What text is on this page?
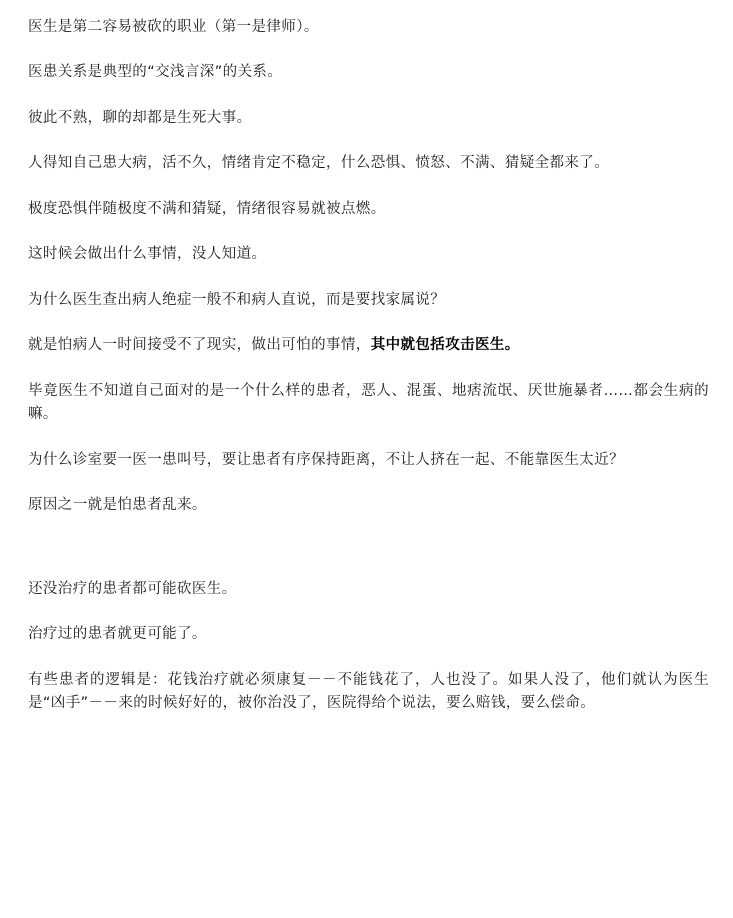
医生是第二容易被砍的职业（第一是律师）。

医患关系是典型的“交浅言深”的关系。

彼此不熟，聊的却都是生死大事。

人得知自己患大病，活不久，情绪肯定不稳定，什么恐惧、愤怒、不满、猜疑全都来了。

极度恐惧伴随极度不满和猜疑，情绪很容易就被点燃。

这时候会做出什么事情，没人知道。

为什么医生查出病人绝症一般不和病人直说，而是要找家属说？

就是怕病人一时间接受不了现实，做出可怕的事情，其中就包括攻击医生。

毕竟医生不知道自己面对的是一个什么样的患者，恶人、混蛋、地痞流氓、厌世施暴者……都会生病的嘛。

为什么诊室要一医一患叫号，要让患者有序保持距离，不让人挤在一起、不能靠医生太近？

原因之一就是怕患者乱来。

还没治疗的患者都可能砍医生。

治疗过的患者就更可能了。

有些患者的逻辑是：花钱治疗就必须康复－－不能钱花了，人也没了。如果人没了，他们就认为医生是“凶手”－－来的时候好好的，被你治没了，医院得给个说法，要么赔钱，要么偿命。
